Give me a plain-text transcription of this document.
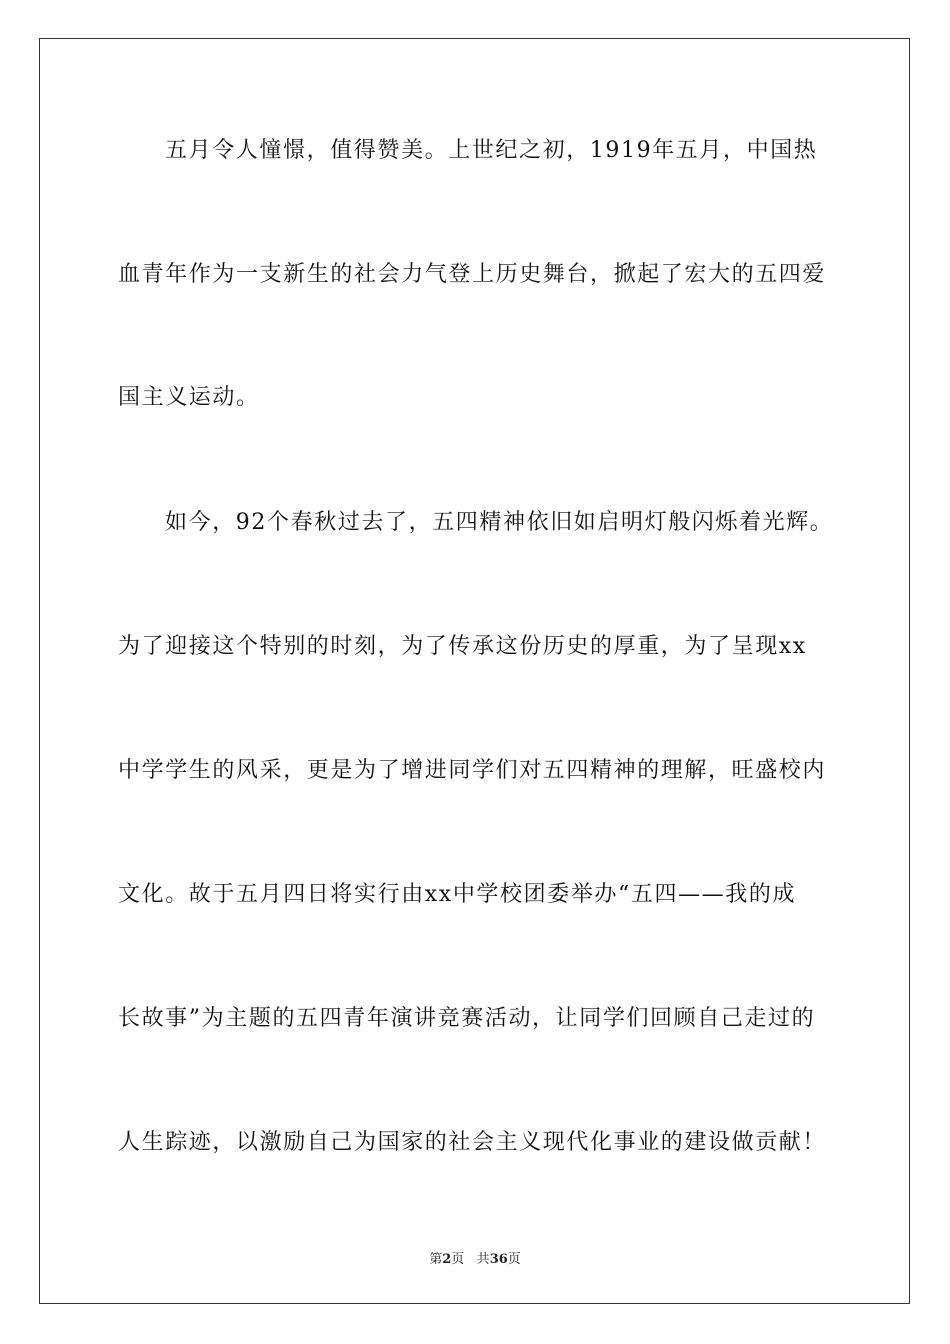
五月令人憧憬，值得赞美。上世纪之初，1919年五月，中国热
血青年作为一支新生的社会力气登上历史舞台，掀起了宏大的五四爱
国主义运动。
如今，92个春秋过去了，五四精神依旧如启明灯般闪烁着光辉。
为了迎接这个特别的时刻，为了传承这份历史的厚重，为了呈现xx
中学学生的风采，更是为了增进同学们对五四精神的理解，旺盛校内
文化。故于五月四日将实行由xx中学校团委举办“五四——我的成
长故事”为主题的五四青年演讲竞赛活动，让同学们回顾自己走过的
人生踪迹，以激励自己为国家的社会主义现代化事业的建设做贡献！
第2页 共36页
